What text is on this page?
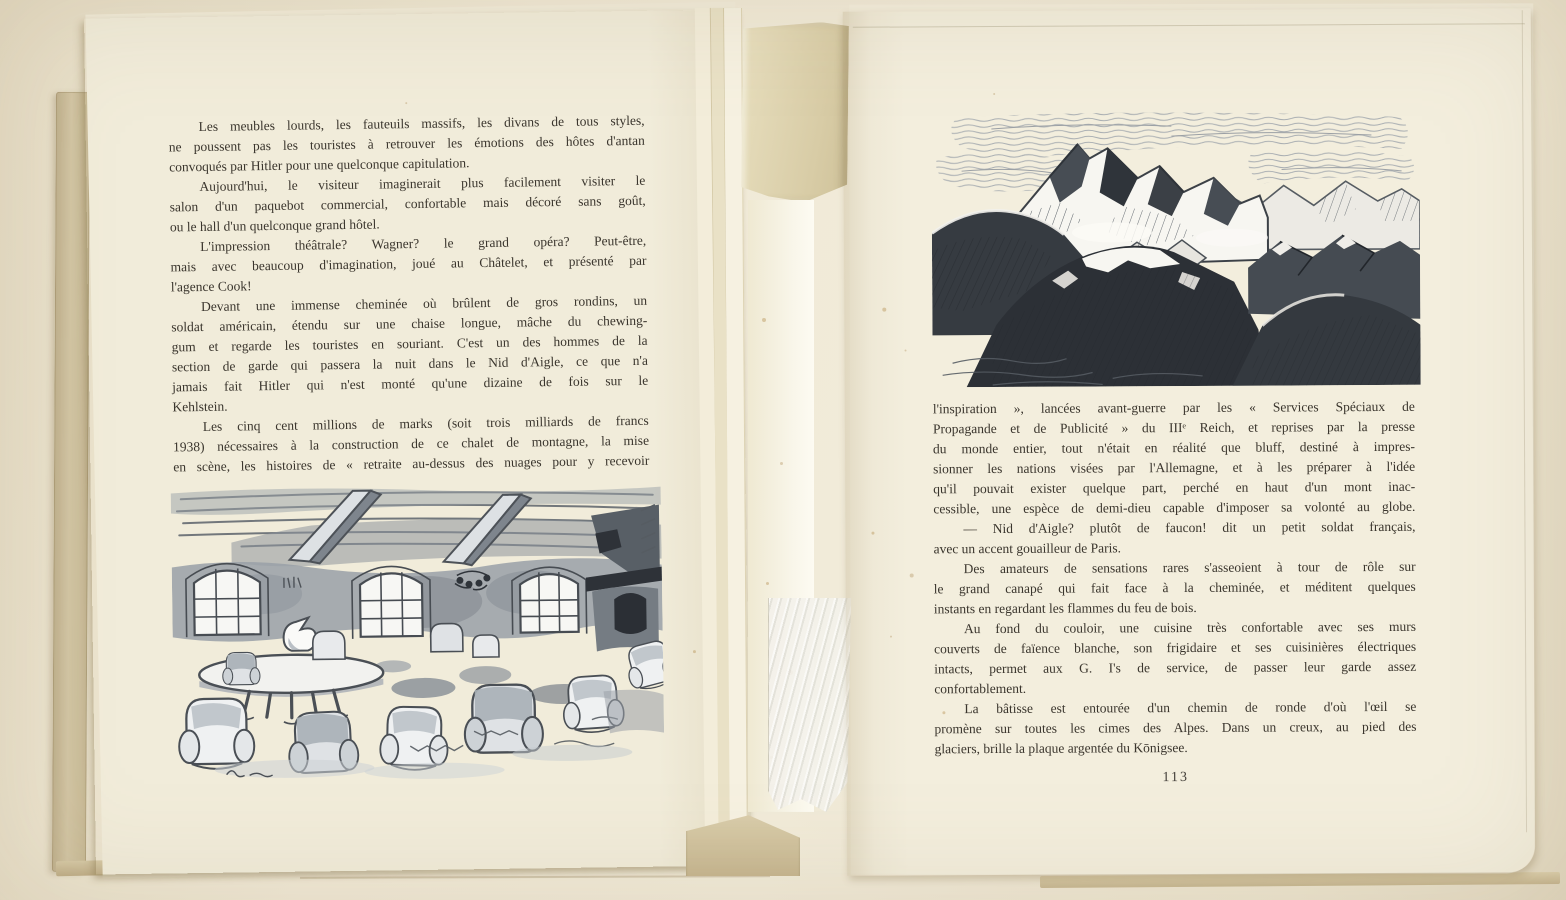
Les meubles lourds, les fauteuils massifs, les divans de tous styles,
ne poussent pas les touristes à retrouver les émotions des hôtes d'antan
convoqués par Hitler pour une quelconque capitulation.
Aujourd'hui, le visiteur imaginerait plus facilement visiter le
salon d'un paquebot commercial, confortable mais décoré sans goût,
ou le hall d'un quelconque grand hôtel.
L'impression théâtrale? Wagner? le grand opéra? Peut-être,
mais avec beaucoup d'imagination, joué au Châtelet, et présenté par
l'agence Cook!
Devant une immense cheminée où brûlent de gros rondins, un
soldat américain, étendu sur une chaise longue, mâche du chewing-
gum et regarde les touristes en souriant. C'est un des hommes de la
section de garde qui passera la nuit dans le Nid d'Aigle, ce que n'a
jamais fait Hitler qui n'est monté qu'une dizaine de fois sur le
Kehlstein.
Les cinq cent millions de marks (soit trois milliards de francs
1938) nécessaires à la construction de ce chalet de montagne, la mise
en scène, les histoires de « retraite au-dessus des nuages pour y recevoir
l'inspiration », lancées avant-guerre par les « Services Spéciaux de
Propagande et de Publicité » du IIIᵉ Reich, et reprises par la presse
du monde entier, tout n'était en réalité que bluff, destiné à impres-
sionner les nations visées par l'Allemagne, et à les préparer à l'idée
qu'il pouvait exister quelque part, perché en haut d'un mont inac-
cessible, une espèce de demi-dieu capable d'imposer sa volonté au globe.
— Nid d'Aigle? plutôt de faucon! dit un petit soldat français,
avec un accent gouailleur de Paris.
Des amateurs de sensations rares s'asseoient à tour de rôle sur
le grand canapé qui fait face à la cheminée, et méditent quelques
instants en regardant les flammes du feu de bois.
Au fond du couloir, une cuisine très confortable avec ses murs
couverts de faïence blanche, son frigidaire et ses cuisinières électriques
intacts, permet aux G. I's de service, de passer leur garde assez
confortablement.
La bâtisse est entourée d'un chemin de ronde d'où l'œil se
promène sur toutes les cimes des Alpes. Dans un creux, au pied des
glaciers, brille la plaque argentée du Kōnigsee.
113
